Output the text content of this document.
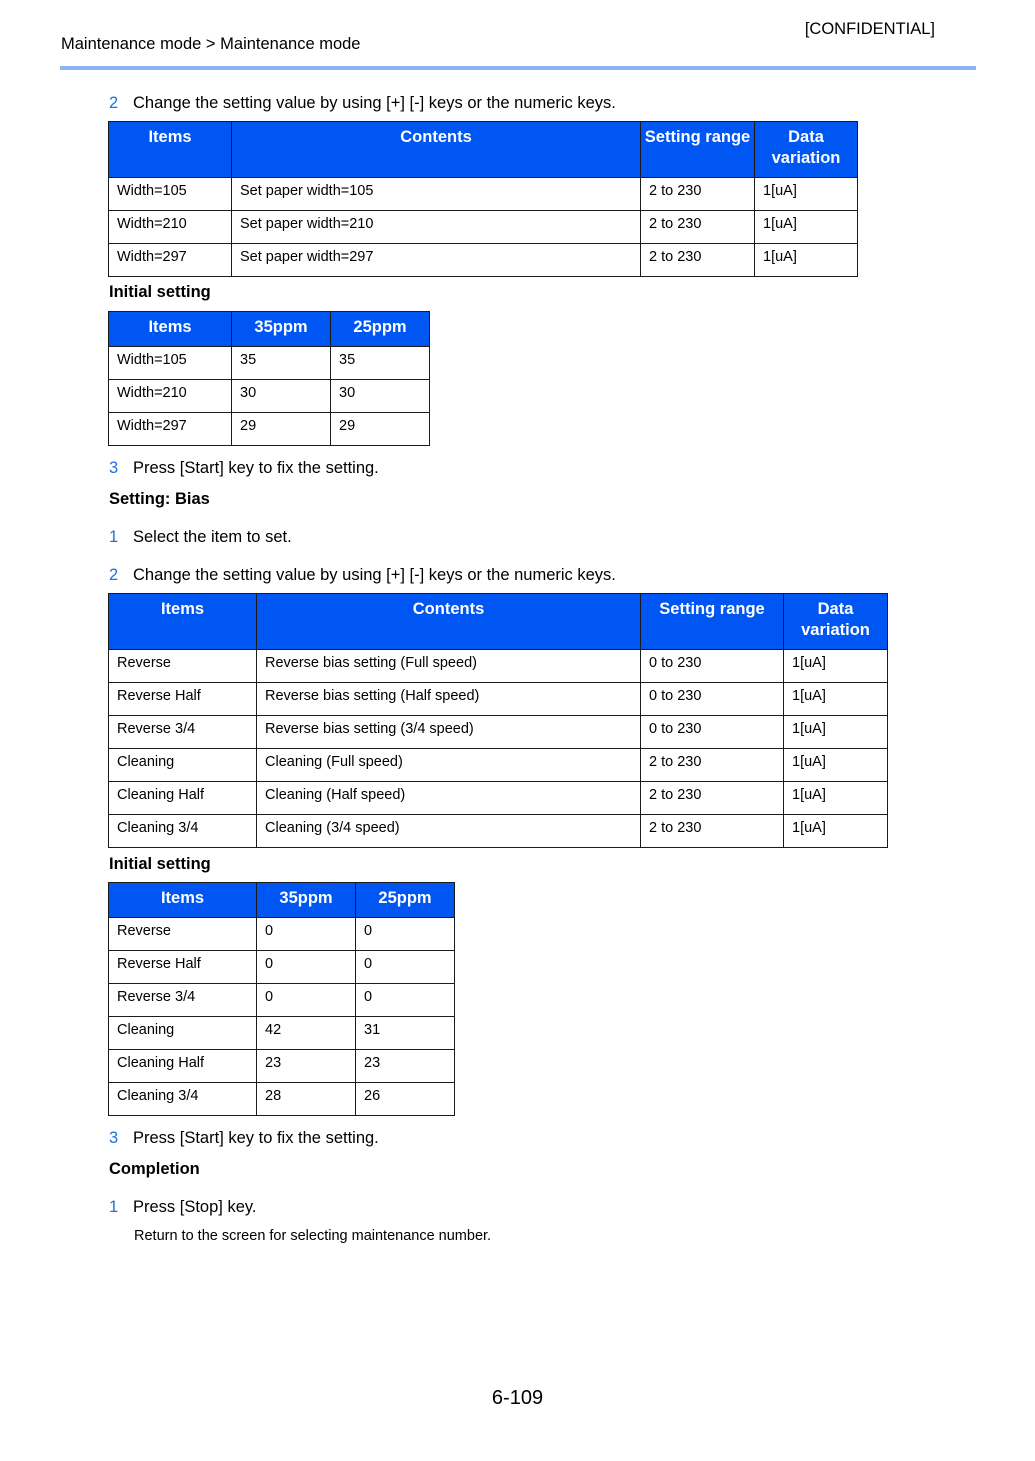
[CONFIDENTIAL]
Maintenance mode > Maintenance mode
2 Change the setting value by using [+] [-] keys or the numeric keys.
Items	Contents	Setting range	Data variation
Width=105	Set paper width=105	2 to 230	1[uA]
Width=210	Set paper width=210	2 to 230	1[uA]
Width=297	Set paper width=297	2 to 230	1[uA]
Initial setting
Items	35ppm	25ppm
Width=105	35	35
Width=210	30	30
Width=297	29	29
3 Press [Start] key to fix the setting.
Setting: Bias
1 Select the item to set.
2 Change the setting value by using [+] [-] keys or the numeric keys.
Items	Contents	Setting range	Data variation
Reverse	Reverse bias setting (Full speed)	0 to 230	1[uA]
Reverse Half	Reverse bias setting (Half speed)	0 to 230	1[uA]
Reverse 3/4	Reverse bias setting (3/4 speed)	0 to 230	1[uA]
Cleaning	Cleaning (Full speed)	2 to 230	1[uA]
Cleaning Half	Cleaning (Half speed)	2 to 230	1[uA]
Cleaning 3/4	Cleaning (3/4 speed)	2 to 230	1[uA]
Initial setting
Items	35ppm	25ppm
Reverse	0	0
Reverse Half	0	0
Reverse 3/4	0	0
Cleaning	42	31
Cleaning Half	23	23
Cleaning 3/4	28	26
3 Press [Start] key to fix the setting.
Completion
1 Press [Stop] key.
Return to the screen for selecting maintenance number.
6-109
